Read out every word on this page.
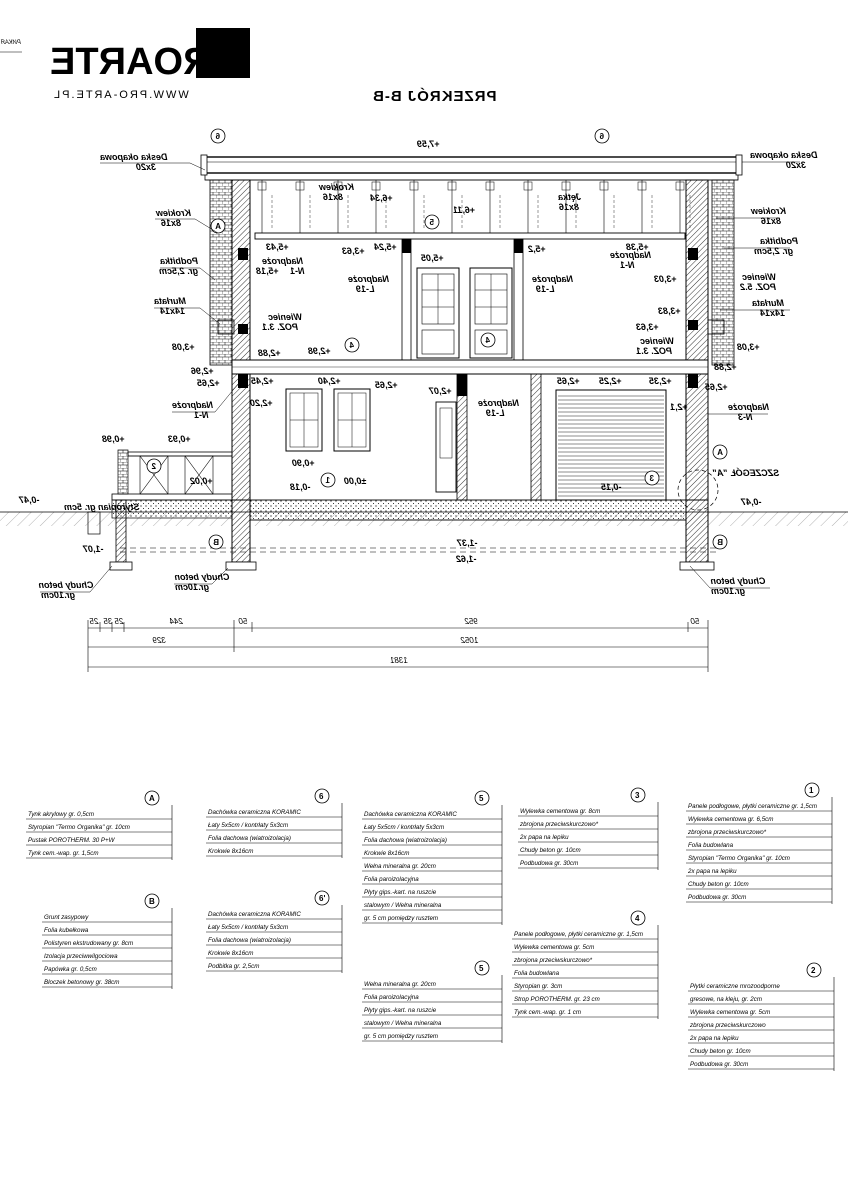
PROARTE
WWW.PRO-ARTE.PL
РИКАЯ
PRZEKRÓJ B-B
6	6
A	5
4
4
1
2
3
A
B	B
Deska okapowa
3x20
Deska okapowa
3x20
Krokiew
8x16
Krokiew
8x16
Krokiew
8x16	Jętka
8x16
Podbitka
gr. 2,5cm
Podbitka
gr. 2,5cm
Murłata
14x14
Murłata
14x14
Wieniec
POZ. 3.1
Wieniec
POZ. 5.2
Wieniec
POZ. 3.1
Nadproże
N-1
Nadproże
N-1
Nadproże
L-19
Nadproże
L-19
Nadproże
L-19
Nadproże
N-1
Nadproże
N-3
Styropian gr. 5cm
Chudy beton
gr.10cm
Chudy beton
gr.10cm
Chudy beton
gr.10cm
SZCZEGÓŁ "A"
+7,59
+6,34
+6,11
+5,43
+5,18
+5,24
+3,63
+5,05
+5,2	+5,38
+3,03
+3,83
+3,63
+3,08	+3,08
+2,96
+2,98
+2,88
+2,88
+2,65	+2,65	+2,65
+2,45	+2,40	+2,35
+2,25
+2,65
+2,20
+2,07
+2,1
+0,98	+0,93
+0,90
+0,02	±0,00
-0,18	-0,15
-0,47	-0,47
-1,07
-1,37
-1,62
25 35 25	244	50	952	50
329	1052
1381
1
Panele podłogowe, płytki ceramiczne gr. 1,5cm
Wylewka cementowa gr. 6,5cm
zbrojona przeciwskurczowo*
Folia budowlana
Styropian "Termo Organika" gr. 10cm
2x papa na lepiku
Chudy beton gr. 10cm
Podbudowa gr. 30cm
2
Płytki ceramiczne mrozoodporne
gresowe, na kleju, gr. 2cm
Wylewka cementowa gr. 5cm
zbrojona przeciwskurczowo
2x papa na lepiku
Chudy beton gr. 10cm
Podbudowa gr. 30cm
3
Wylewka cementowa gr. 8cm
zbrojona przeciwskurczowo*
2x papa na lepiku
Chudy beton gr. 10cm
Podbudowa gr. 30cm
4
Panele podłogowe, płytki ceramiczne gr. 1,5cm
Wylewka cementowa gr. 5cm
zbrojona przeciwskurczowo*
Folia budowlana
Styropian gr. 3cm
Strop POROTHERM. gr. 23 cm
Tynk cem.-wap. gr. 1 cm
5
Dachówka ceramiczna KORAMIC
Łaty 5x5cm / kontrłaty 5x3cm
Folia dachowa (wiatroizolacja)
Krokwie 8x16cm
Wełna mineralna gr. 20cm
Folia paroizolacyjna
Płyty gips.-kart. na ruszcie
stalowym / Wełna mineralna
gr. 5 cm pomiędzy rusztem
5
Wełna mineralna gr. 20cm
Folia paroizolacyjna
Płyty gips.-kart. na ruszcie
stalowym / Wełna mineralna
gr. 5 cm pomiędzy rusztem
6
Dachówka ceramiczna KORAMIC
Łaty 5x5cm / kontrłaty 5x3cm
Folia dachowa (wiatroizolacja)
Krokwie 8x16cm
6'
Dachówka ceramiczna KORAMIC
Łaty 5x5cm / kontrłaty 5x3cm
Folia dachowa (wiatroizolacja)
Krokwie 8x16cm
Podbitka gr. 2,5cm
A
Tynk akrylowy gr. 0,5cm
Styropian "Termo Organika" gr. 10cm
Pustak POROTHERM. 30 P+W
Tynk cem.-wap. gr. 1,5cm
B
Grunt zasypowy
Folia kubełkowa
Polistyren ekstrudowany gr. 8cm
Izolacja przeciwwilgociowa
Papówka gr. 0,5cm
Bloczek betonowy gr. 38cm
